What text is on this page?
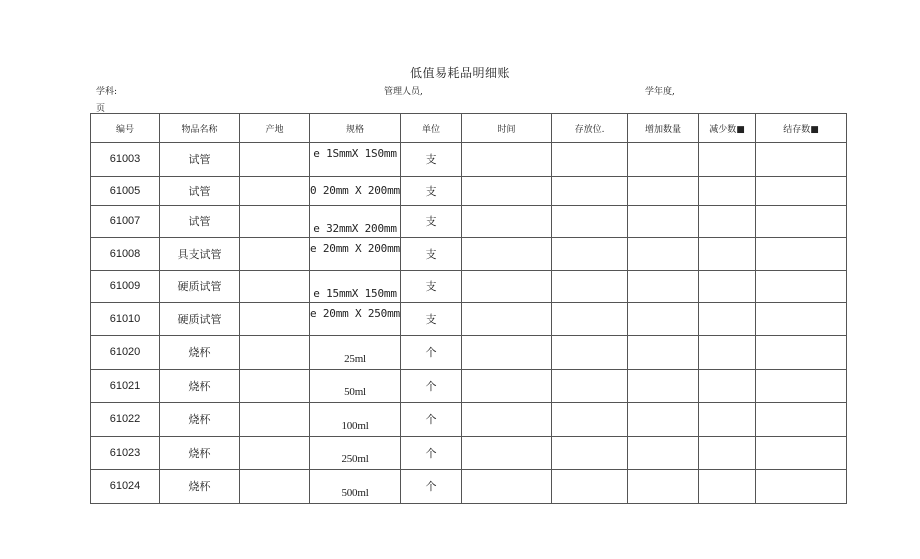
低值易耗品明细账
学科:	管理人员,	学年度,
页
编号	物品名称	产地	规格	单位	时间	存放位.	增加数量	减少数■	结存数■
61003	试管		e 1SmmX 1S0mm	支					
61005	试管		0 20mm X 200mm	支					
61007	试管		e 32mmX 200mm	支					
61008	具支试管		e 20mm X 200mm	支					
61009	硬质试管		e 15mmX 150mm	支					
61010	硬质试管		e 20mm X 250mm	支					
61020	烧杯		25ml	个					
61021	烧杯		50ml	个					
61022	烧杯		100ml	个					
61023	烧杯		250ml	个					
61024	烧杯		500ml	个					
